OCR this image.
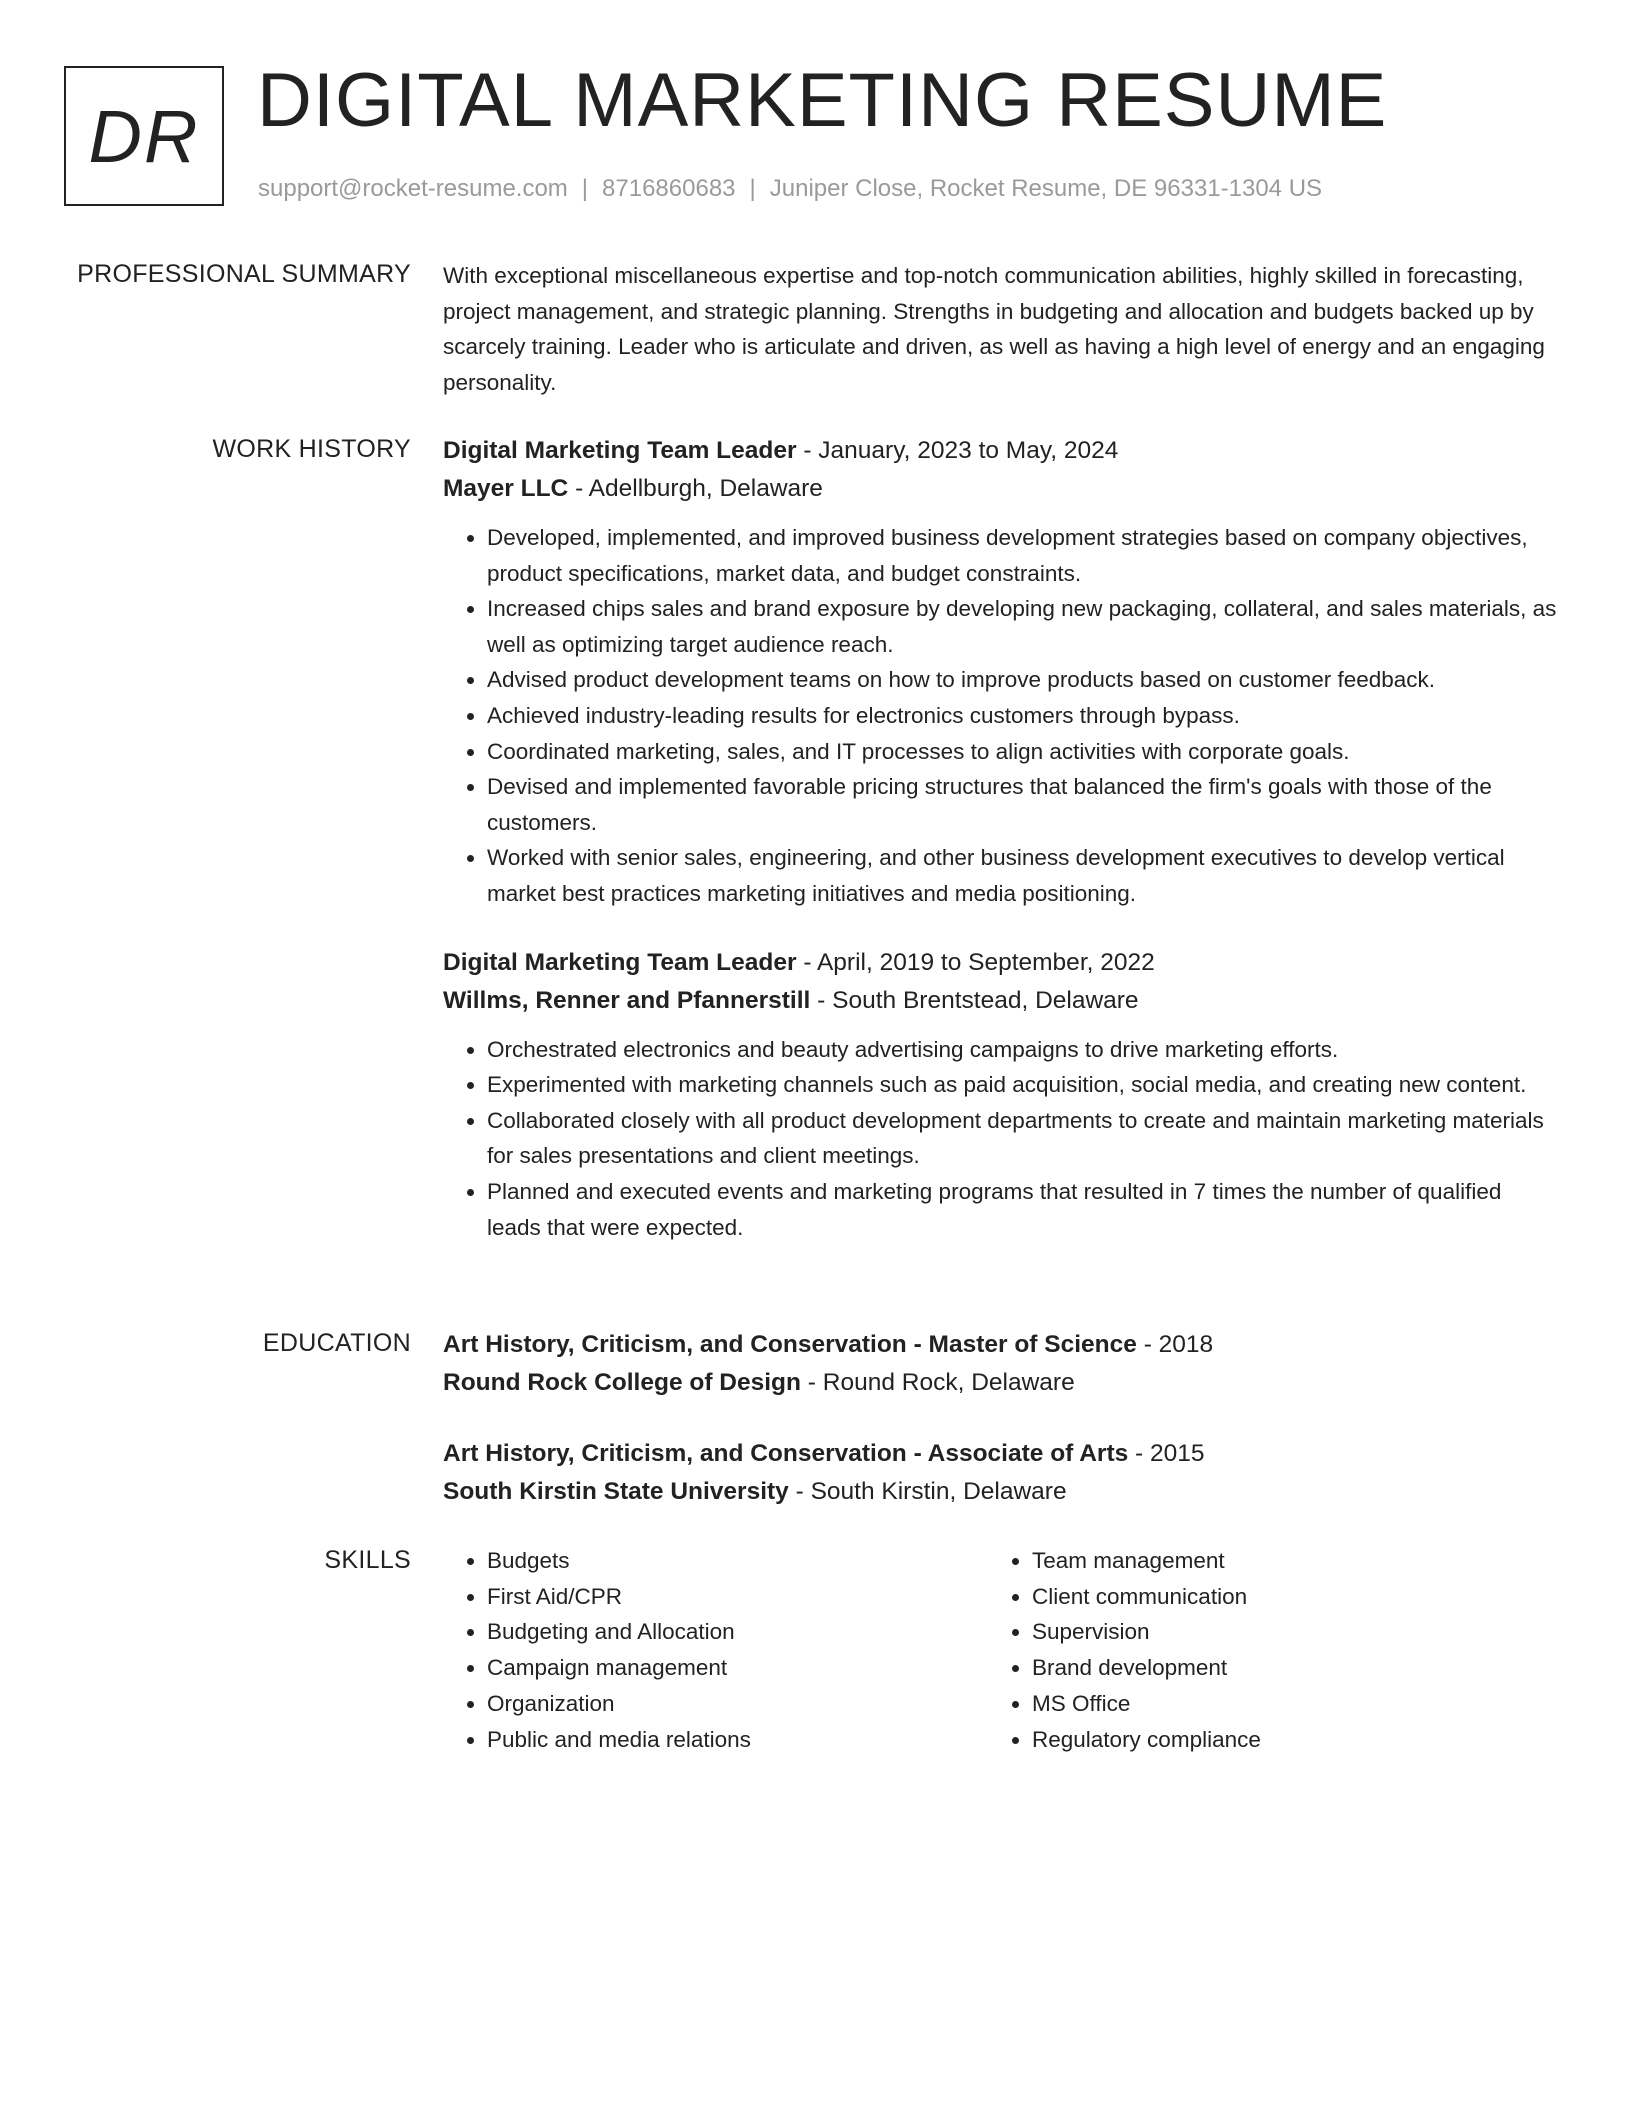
DR DIGITAL MARKETING RESUME
support@rocket-resume.com | 8716860683 | Juniper Close, Rocket Resume, DE 96331-1304 US
PROFESSIONAL SUMMARY With exceptional miscellaneous expertise and top-notch communication abilities, highly skilled in forecasting, project management, and strategic planning. Strengths in budgeting and allocation and budgets backed up by scarcely training. Leader who is articulate and driven, as well as having a high level of energy and an engaging personality.

WORK HISTORY Digital Marketing Team Leader - January, 2023 to May, 2024
Mayer LLC - Adellburgh, Delaware
• Developed, implemented, and improved business development strategies based on company objectives, product specifications, market data, and budget constraints.
• Increased chips sales and brand exposure by developing new packaging, collateral, and sales materials, as well as optimizing target audience reach.
• Advised product development teams on how to improve products based on customer feedback.
• Achieved industry-leading results for electronics customers through bypass.
• Coordinated marketing, sales, and IT processes to align activities with corporate goals.
• Devised and implemented favorable pricing structures that balanced the firm's goals with those of the customers.
• Worked with senior sales, engineering, and other business development executives to develop vertical market best practices marketing initiatives and media positioning.
Digital Marketing Team Leader - April, 2019 to September, 2022
Willms, Renner and Pfannerstill - South Brentstead, Delaware
• Orchestrated electronics and beauty advertising campaigns to drive marketing efforts.
• Experimented with marketing channels such as paid acquisition, social media, and creating new content.
• Collaborated closely with all product development departments to create and maintain marketing materials for sales presentations and client meetings.
• Planned and executed events and marketing programs that resulted in 7 times the number of qualified leads that were expected.
EDUCATION Art History, Criticism, and Conservation - Master of Science - 2018
Round Rock College of Design - Round Rock, Delaware
Art History, Criticism, and Conservation - Associate of Arts - 2015
South Kirstin State University - South Kirstin, Delaware
SKILLS
•	Budgets
• First Aid/CPR
• Budgeting and Allocation
• Campaign management
• Organization
• Public and media relations
• Team management
• Client communication
• Supervision
• Brand development
• MS Office
• Regulatory compliance
